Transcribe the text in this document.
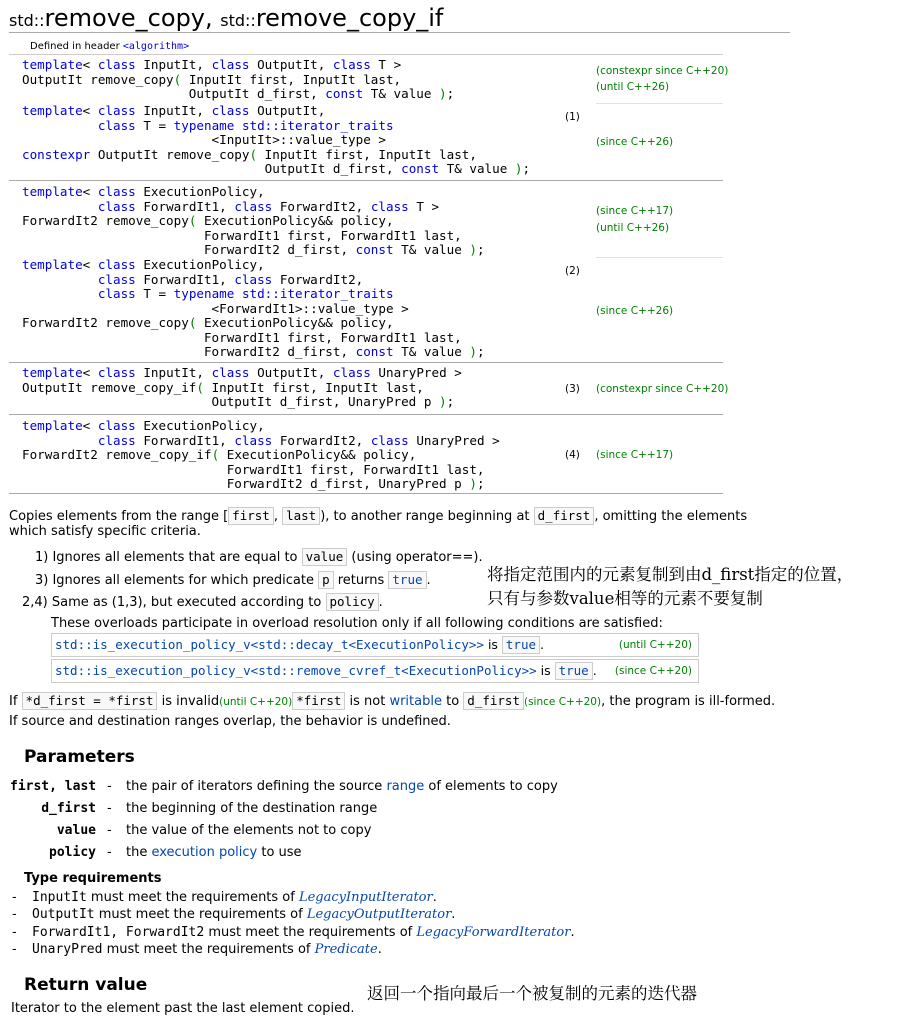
std::remove_copy, std::remove_copy_if
Defined in header <algorithm>
template< class InputIt, class OutputIt, class T >
OutputIt remove_copy( InputIt first, InputIt last,
OutputIt d_first, const T& value );
(constexpr since C++20)
(until C++26)
template< class InputIt, class OutputIt,
class T = typename std::iterator_traits
<InputIt>::value_type >
constexpr OutputIt remove_copy( InputIt first, InputIt last,
OutputIt d_first, const T& value );
(1)
(since C++26)
template< class ExecutionPolicy,
class ForwardIt1, class ForwardIt2, class T >
ForwardIt2 remove_copy( ExecutionPolicy&& policy,
ForwardIt1 first, ForwardIt1 last,
ForwardIt2 d_first, const T& value );
(since C++17)
(until C++26)
template< class ExecutionPolicy,
class ForwardIt1, class ForwardIt2,
class T = typename std::iterator_traits
<ForwardIt1>::value_type >
ForwardIt2 remove_copy( ExecutionPolicy&& policy,
ForwardIt1 first, ForwardIt1 last,
ForwardIt2 d_first, const T& value );
(2)
(since C++26)
template< class InputIt, class OutputIt, class UnaryPred >
OutputIt remove_copy_if( InputIt first, InputIt last,
OutputIt d_first, UnaryPred p );
(3) (constexpr since C++20)
template< class ExecutionPolicy,
class ForwardIt1, class ForwardIt2, class UnaryPred >
ForwardIt2 remove_copy_if( ExecutionPolicy&& policy,
ForwardIt1 first, ForwardIt1 last,
ForwardIt2 d_first, UnaryPred p );
(4) (since C++17)
Copies elements from the range [ first , last ), to another range beginning at d_first , omitting the elements
which satisfy specific criteria.
1) Ignores all elements that are equal to value (using operator==).
3) Ignores all elements for which predicate p returns true .
2,4) Same as (1,3), but executed according to policy .
These overloads participate in overload resolution only if all following conditions are satisfied:
std::is_execution_policy_v<std::decay_t<ExecutionPolicy>> is true .	(until C++20)
std::is_execution_policy_v<std::remove_cvref_t<ExecutionPolicy>> is true . (since C++20)
If *d_first = *first is invalid(until C++20) *first is not writable to d_first (since C++20), the program is ill-formed.
If source and destination ranges overlap, the behavior is undefined.
将指定范围内的元素复制到由d_first指定的位置，
只有与参数value相等的元素不要复制
Parameters
first, last - the pair of iterators defining the source range of elements to copy
d_first - the beginning of the destination range
value - the value of the elements not to copy
policy - the execution policy to use
Type requirements
- InputIt must meet the requirements of LegacyInputIterator.
- OutputIt must meet the requirements of LegacyOutputIterator.
- ForwardIt1, ForwardIt2 must meet the requirements of LegacyForwardIterator.
- UnaryPred must meet the requirements of Predicate.
Return value	返回一个指向最后一个被复制的元素的迭代器
Iterator to the element past the last element copied.
